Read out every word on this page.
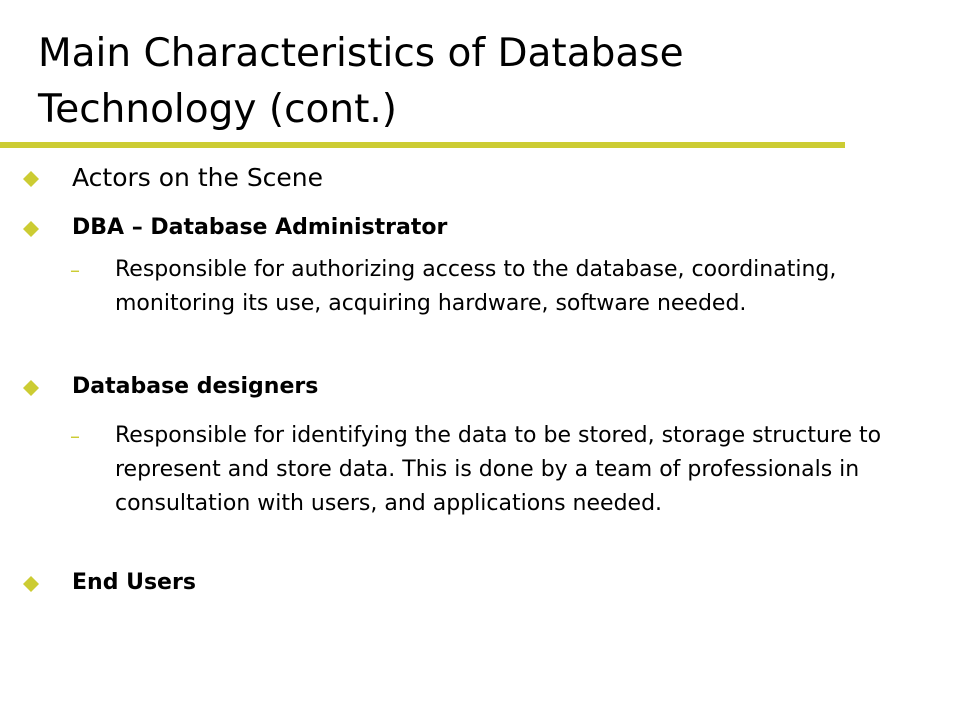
Main Characteristics of Database Technology (cont.)
Actors on the Scene
DBA – Database Administrator
– Responsible for authorizing access to the database, coordinating, monitoring its use, acquiring hardware, software needed.
Database designers
– Responsible for identifying the data to be stored, storage structure to represent and store data. This is done by a team of professionals in consultation with users, and applications needed.
End Users
